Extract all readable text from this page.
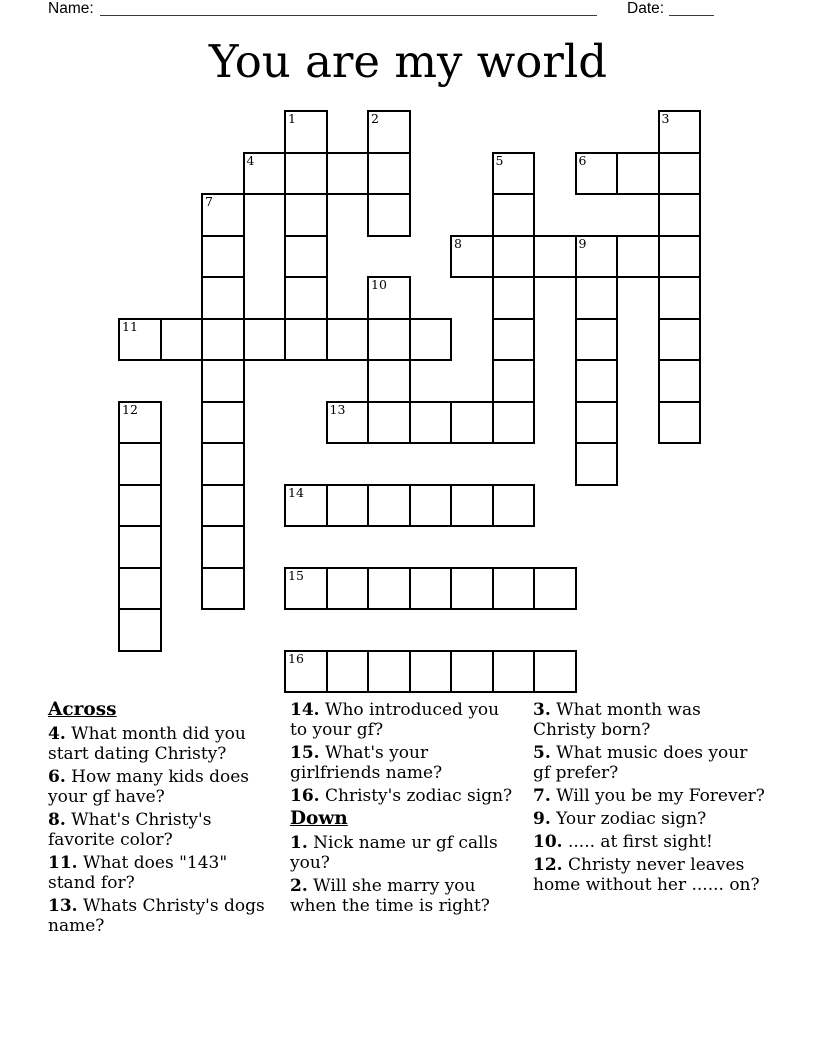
Name:	Date:
You are my world
1	2	3
4	5	6
7
8	9
10
11
12	13
14
15
16
Across

4. What month did you start dating Christy?

6. How many kids does your gf have?

8. What's Christy's favorite color?

11. What does "143" stand for?

13. Whats Christy's dogs name?

14. Who introduced you to your gf?

15. What's your girlfriends name?

16. Christy's zodiac sign?

Down

1. Nick name ur gf calls you?

2. Will she marry you when the time is right?

3. What month was Christy born?

5. What music does your gf prefer?

7. Will you be my Forever?

9. Your zodiac sign?

10. ..... at first sight!

12. Christy never leaves home without her ...... on?
